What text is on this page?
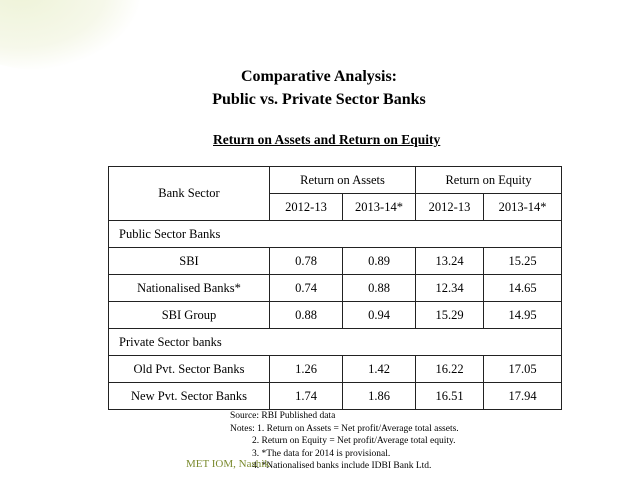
Comparative Analysis:
Public vs. Private Sector Banks
Return on Assets and Return on Equity
Bank Sector	Return on Assets		Return on Equity	
	2012-13	2013-14*	2012-13	2013-14*
Public Sector Banks				
SBI	0.78	0.89	13.24	15.25
Nationalised Banks*	0.74	0.88	12.34	14.65
SBI Group	0.88	0.94	15.29	14.95
Private Sector banks				
Old Pvt. Sector Banks	1.26	1.42	16.22	17.05
New Pvt. Sector Banks	1.74	1.86	16.51	17.94
Source: RBI Published data
Notes: 1. Return on Assets = Net profit/Average total assets.
2. Return on Equity = Net profit/Average total equity.
3. *The data for 2014 is provisional.
4. *Nationalised banks include IDBI Bank Ltd.
MET IOM, Nashik
